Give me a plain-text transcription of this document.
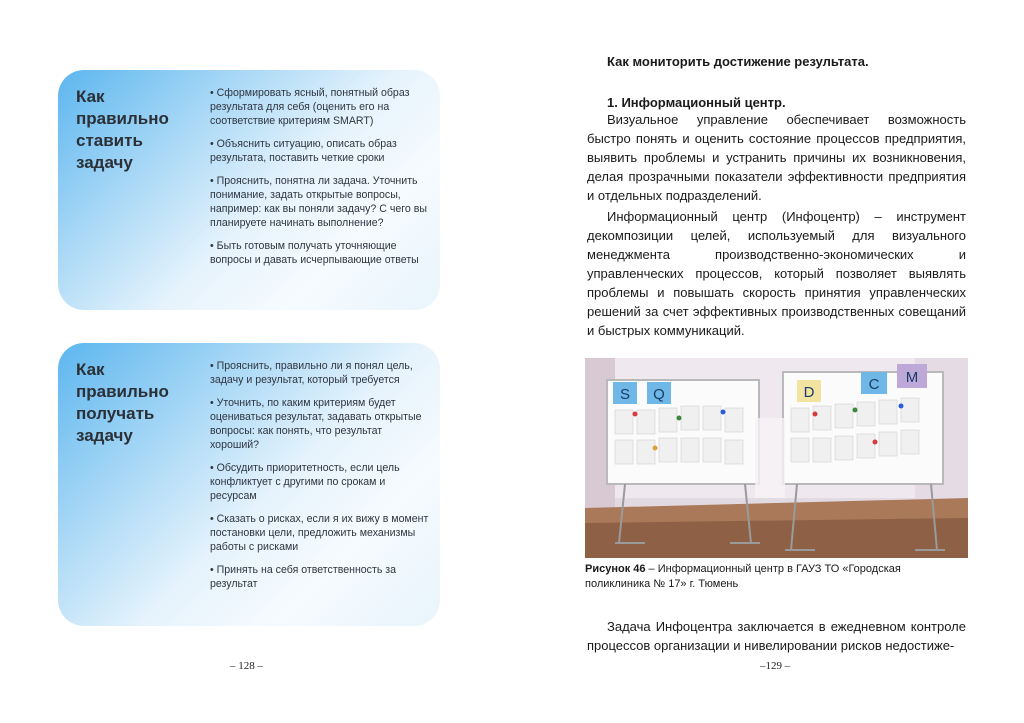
Как правильно ставить задачу
• Сформировать ясный, понятный образ результата для себя (оценить его на соответствие критериям SMART)
• Объяснить ситуацию, описать образ результата, поставить четкие сроки
• Прояснить, понятна ли задача. Уточнить понимание, задать открытые вопросы, например: как вы поняли задачу? С чего вы планируете начинать выполнение?
• Быть готовым получать уточняющие вопросы и давать исчерпывающие ответы
Как правильно получать задачу
• Прояснить, правильно ли я понял цель, задачу и результат, который требуется
• Уточнить, по каким критериям будет оцениваться результат, задавать открытые вопросы: как понять, что результат хороший?
• Обсудить приоритетность, если цель конфликтует с другими по срокам и ресурсам
• Сказать о рисках, если я их вижу в момент постановки цели, предложить механизмы работы с рисками
• Принять на себя ответственность за результат
– 128 –
Как мониторить достижение результата.
1. Информационный центр.

Визуальное управление обеспечивает возможность быстро понять и оценить состояние процессов предприятия, выявить проблемы и устранить причины их возникновения, делая прозрачными показатели эффективности предприятия и отдельных подразделений.

Информационный центр (Инфоцентр) – инструмент декомпозиции целей, используемый для визуального менеджмента производственно-экономических и управленческих процессов, который позволяет выявлять проблемы и повышать скорость принятия управленческих решений за счет эффективных производственных совещаний и быстрых коммуникаций.

S Q	D	C M
Рисунок 46 – Информационный центр в ГАУЗ ТО «Городская поликлиника № 17» г. Тюмень

Задача Инфоцентра заключается в ежедневном контроле процессов организации и нивелировании рисков недостиже-

–129 –
